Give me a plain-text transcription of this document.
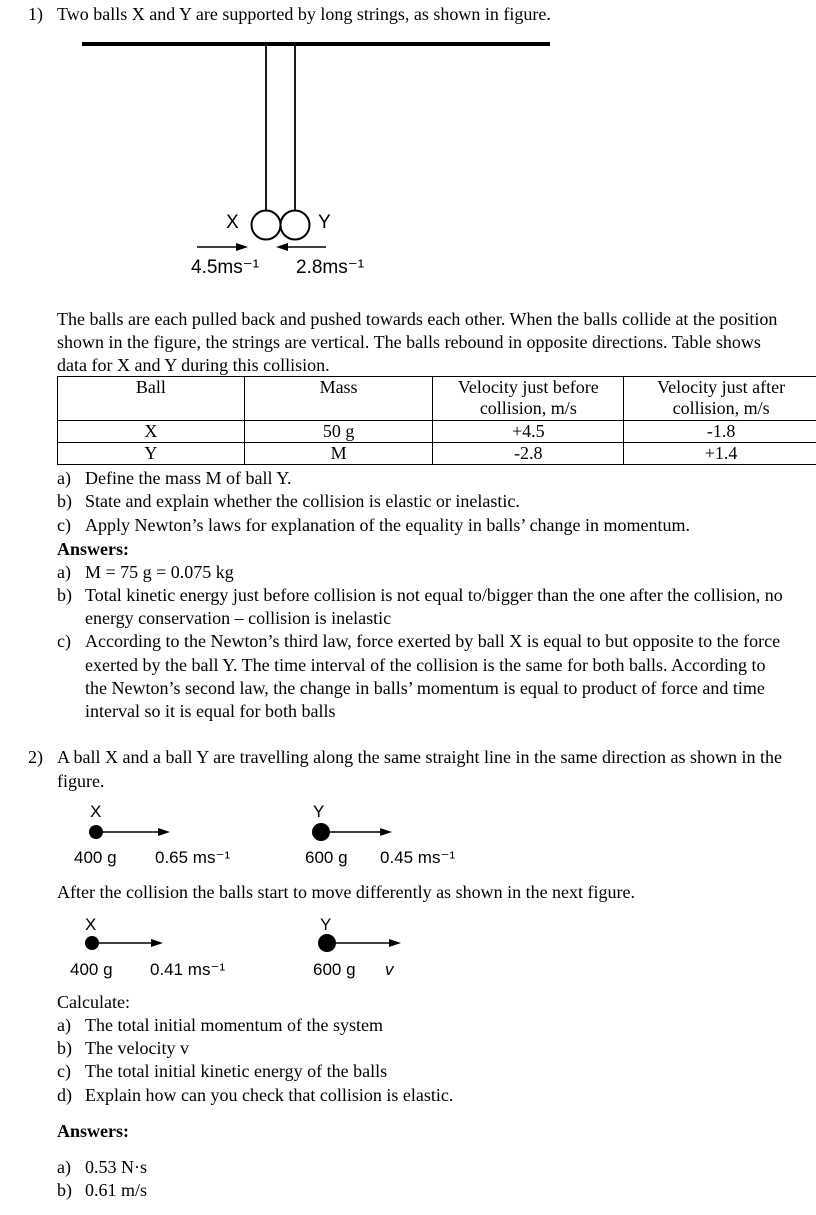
1) Two balls X and Y are supported by long strings, as shown in figure.
X	Y
4.5ms⁻¹ 2.8ms⁻¹
The balls are each pulled back and pushed towards each other. When the balls collide at the position
shown in the figure, the strings are vertical. The balls rebound in opposite directions. Table shows
data for X and Y during this collision.
Ball	Mass	Velocity just before collision, m/s	Velocity just after collision, m/s
X	50 g	+4.5	-1.8
Y	M	-2.8	+1.4
a) Define the mass M of ball Y.
b) State and explain whether the collision is elastic or inelastic.
c) Apply Newton’s laws for explanation of the equality in balls’ change in momentum.
Answers:
a) M = 75 g = 0.075 kg
b) Total kinetic energy just before collision is not equal to/bigger than the one after the collision, no
energy conservation – collision is inelastic
c) According to the Newton’s third law, force exerted by ball X is equal to but opposite to the force
exerted by the ball Y. The time interval of the collision is the same for both balls. According to
the Newton’s second law, the change in balls’ momentum is equal to product of force and time
interval so it is equal for both balls
2) A ball X and a ball Y are travelling along the same straight line in the same direction as shown in the
figure.
X	Y
400 g 0.65 ms⁻¹	600 g 0.45 ms⁻¹
After the collision the balls start to move differently as shown in the next figure.
X	Y
400 g 0.41 ms⁻¹	600 g v
Calculate:
a) The total initial momentum of the system
b) The velocity v
c) The total initial kinetic energy of the balls
d) Explain how can you check that collision is elastic.
Answers:
a) 0.53 N·s
b) 0.61 m/s
